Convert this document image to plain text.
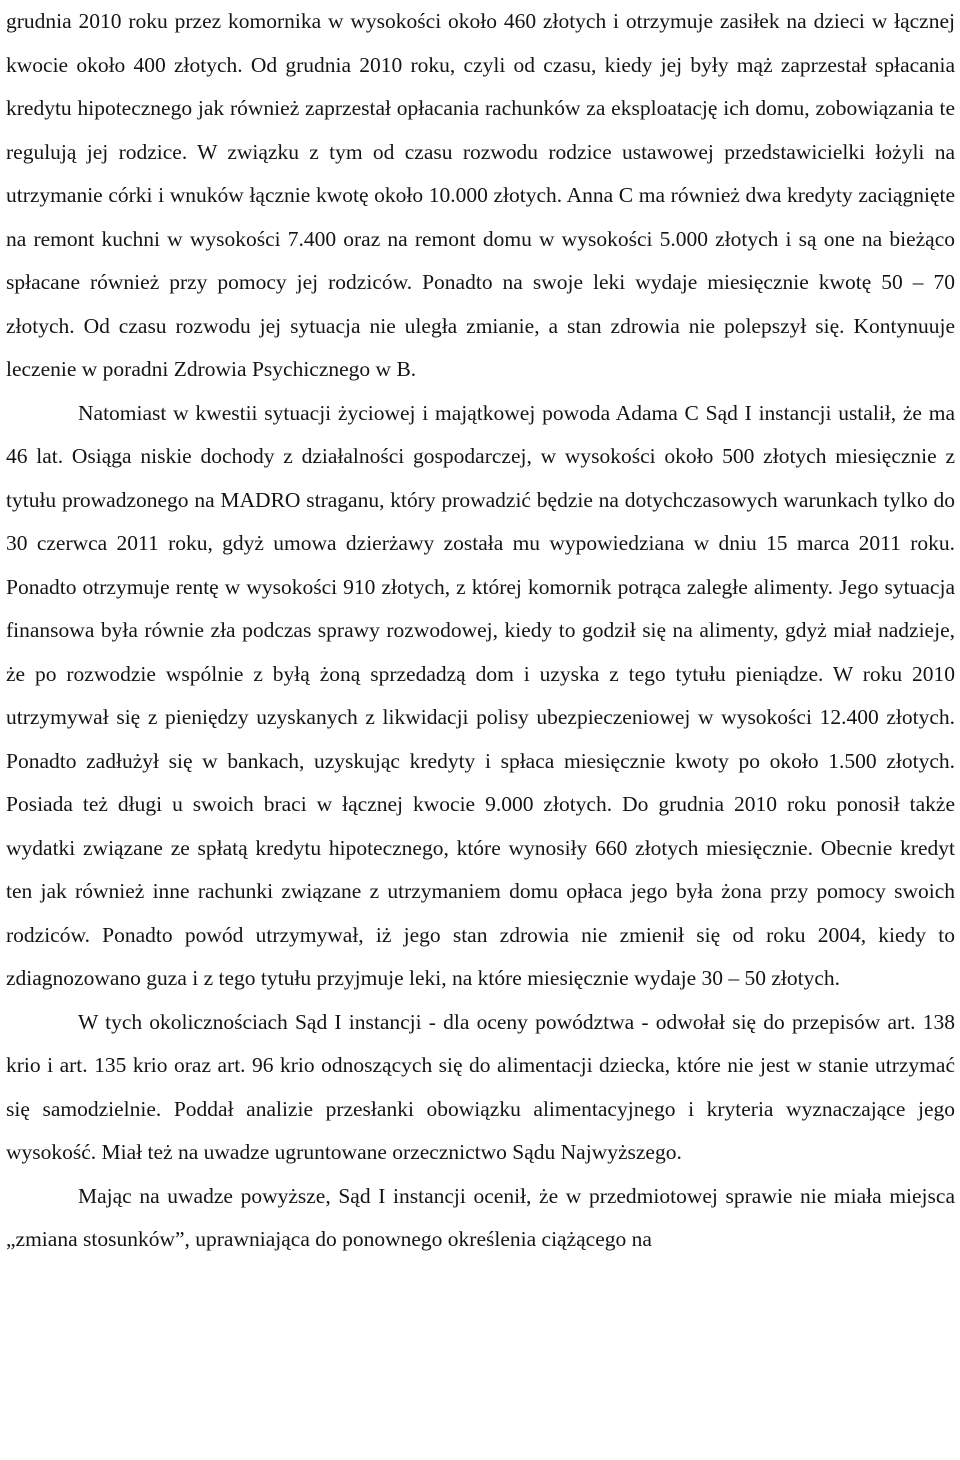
grudnia 2010 roku przez komornika w wysokości około 460 złotych i otrzymuje zasiłek na dzieci w łącznej kwocie około 400 złotych. Od grudnia 2010 roku, czyli od czasu, kiedy jej były mąż zaprzestał spłacania kredytu hipotecznego jak również zaprzestał opłacania rachunków za eksploatację ich domu, zobowiązania te regulują jej rodzice. W związku z tym od czasu rozwodu rodzice ustawowej przedstawicielki łożyli na utrzymanie córki i wnuków łącznie kwotę około 10.000 złotych. Anna C ma również dwa kredyty zaciągnięte na remont kuchni w wysokości 7.400 oraz na remont domu w wysokości 5.000 złotych i są one na bieżąco spłacane również przy pomocy jej rodziców. Ponadto na swoje leki wydaje miesięcznie kwotę 50 – 70 złotych. Od czasu rozwodu jej sytuacja nie uległa zmianie, a stan zdrowia nie polepszył się. Kontynuuje leczenie w poradni Zdrowia Psychicznego w B.

Natomiast w kwestii sytuacji życiowej i majątkowej powoda Adama C Sąd I instancji ustalił, że ma 46 lat. Osiąga niskie dochody z działalności gospodarczej, w wysokości około 500 złotych miesięcznie z tytułu prowadzonego na MADRO straganu, który prowadzić będzie na dotychczasowych warunkach tylko do 30 czerwca 2011 roku, gdyż umowa dzierżawy została mu wypowiedziana w dniu 15 marca 2011 roku. Ponadto otrzymuje rentę w wysokości 910 złotych, z której komornik potrąca zaległe alimenty. Jego sytuacja finansowa była równie zła podczas sprawy rozwodowej, kiedy to godził się na alimenty, gdyż miał nadzieje, że po rozwodzie wspólnie z byłą żoną sprzedadzą dom i uzyska z tego tytułu pieniądze. W roku 2010 utrzymywał się z pieniędzy uzyskanych z likwidacji polisy ubezpieczeniowej w wysokości 12.400 złotych. Ponadto zadłużył się w bankach, uzyskując kredyty i spłaca miesięcznie kwoty po około 1.500 złotych. Posiada też długi u swoich braci w łącznej kwocie 9.000 złotych. Do grudnia 2010 roku ponosił także wydatki związane ze spłatą kredytu hipotecznego, które wynosiły 660 złotych miesięcznie. Obecnie kredyt ten jak również inne rachunki związane z utrzymaniem domu opłaca jego była żona przy pomocy swoich rodziców. Ponadto powód utrzymywał, iż jego stan zdrowia nie zmienił się od roku 2004, kiedy to zdiagnozowano guza i z tego tytułu przyjmuje leki, na które miesięcznie wydaje 30 – 50 złotych.

W tych okolicznościach Sąd I instancji - dla oceny powództwa - odwołał się do przepisów art. 138 krio i art. 135 krio oraz art. 96 krio odnoszących się do alimentacji dziecka, które nie jest w stanie utrzymać się samodzielnie. Poddał analizie przesłanki obowiązku alimentacyjnego i kryteria wyznaczające jego wysokość. Miał też na uwadze ugruntowane orzecznictwo Sądu Najwyższego.

Mając na uwadze powyższe, Sąd I instancji ocenił, że w przedmiotowej sprawie nie miała miejsca „zmiana stosunków”, uprawniająca do ponownego określenia ciążącego na
